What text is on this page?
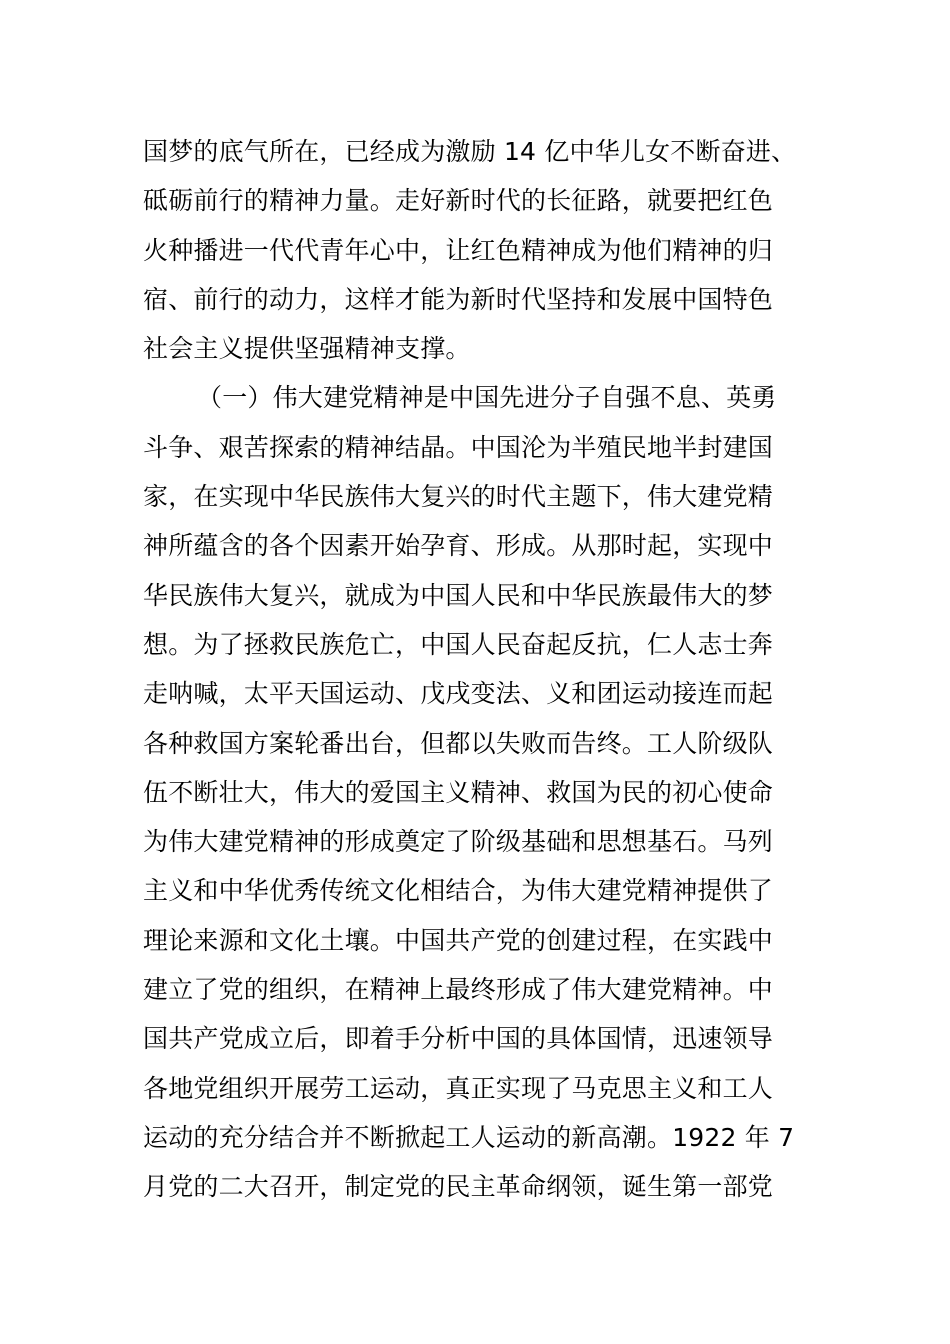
国梦的底气所在，已经成为激励 14 亿中华儿女不断奋进、
砥砺前行的精神力量。走好新时代的长征路，就要把红色
火种播进一代代青年心中，让红色精神成为他们精神的归
宿、前行的动力，这样才能为新时代坚持和发展中国特色
社会主义提供坚强精神支撑。
（一）伟大建党精神是中国先进分子自强不息、英勇
斗争、艰苦探索的精神结晶。中国沦为半殖民地半封建国
家，在实现中华民族伟大复兴的时代主题下，伟大建党精
神所蕴含的各个因素开始孕育、形成。从那时起，实现中
华民族伟大复兴，就成为中国人民和中华民族最伟大的梦
想。为了拯救民族危亡，中国人民奋起反抗，仁人志士奔
走呐喊，太平天国运动、戊戌变法、义和团运动接连而起
各种救国方案轮番出台，但都以失败而告终。工人阶级队
伍不断壮大，伟大的爱国主义精神、救国为民的初心使命
为伟大建党精神的形成奠定了阶级基础和思想基石。马列
主义和中华优秀传统文化相结合，为伟大建党精神提供了
理论来源和文化土壤。中国共产党的创建过程，在实践中
建立了党的组织，在精神上最终形成了伟大建党精神。中
国共产党成立后，即着手分析中国的具体国情，迅速领导
各地党组织开展劳工运动，真正实现了马克思主义和工人
运动的充分结合并不断掀起工人运动的新高潮。1922 年 7
月党的二大召开，制定党的民主革命纲领，诞生第一部党
